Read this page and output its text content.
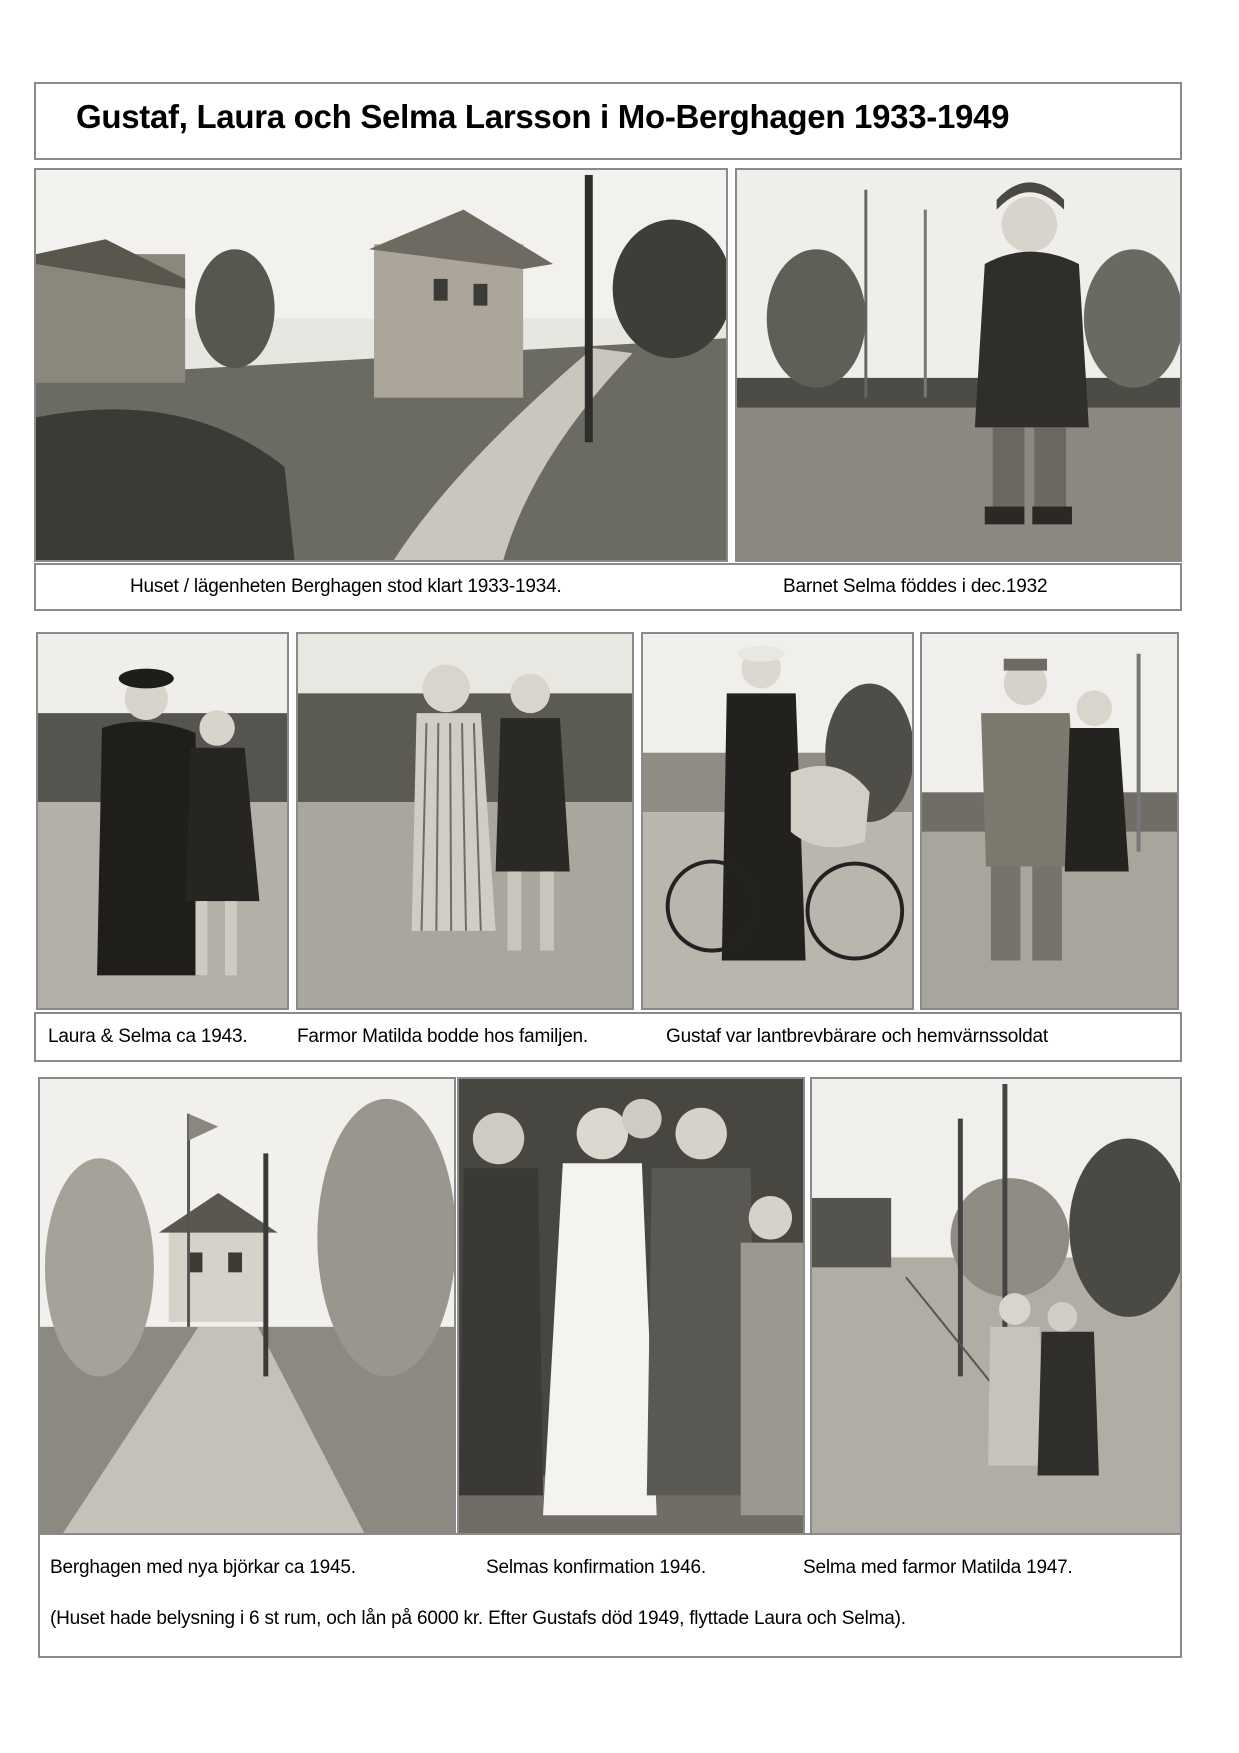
Gustaf, Laura och Selma Larsson i Mo-Berghagen 1933-1949
Huset / lägenheten Berghagen stod klart 1933-1934.	Barnet Selma föddes i dec.1932
Laura & Selma ca 1943.	Farmor Matilda bodde hos familjen.	Gustaf var lantbrevbärare och hemvärnssoldat
Berghagen med nya björkar ca 1945.	Selmas konfirmation 1946.	Selma med farmor Matilda 1947.
(Huset hade belysning i 6 st rum, och lån på 6000 kr. Efter Gustafs död 1949, flyttade Laura och Selma).
